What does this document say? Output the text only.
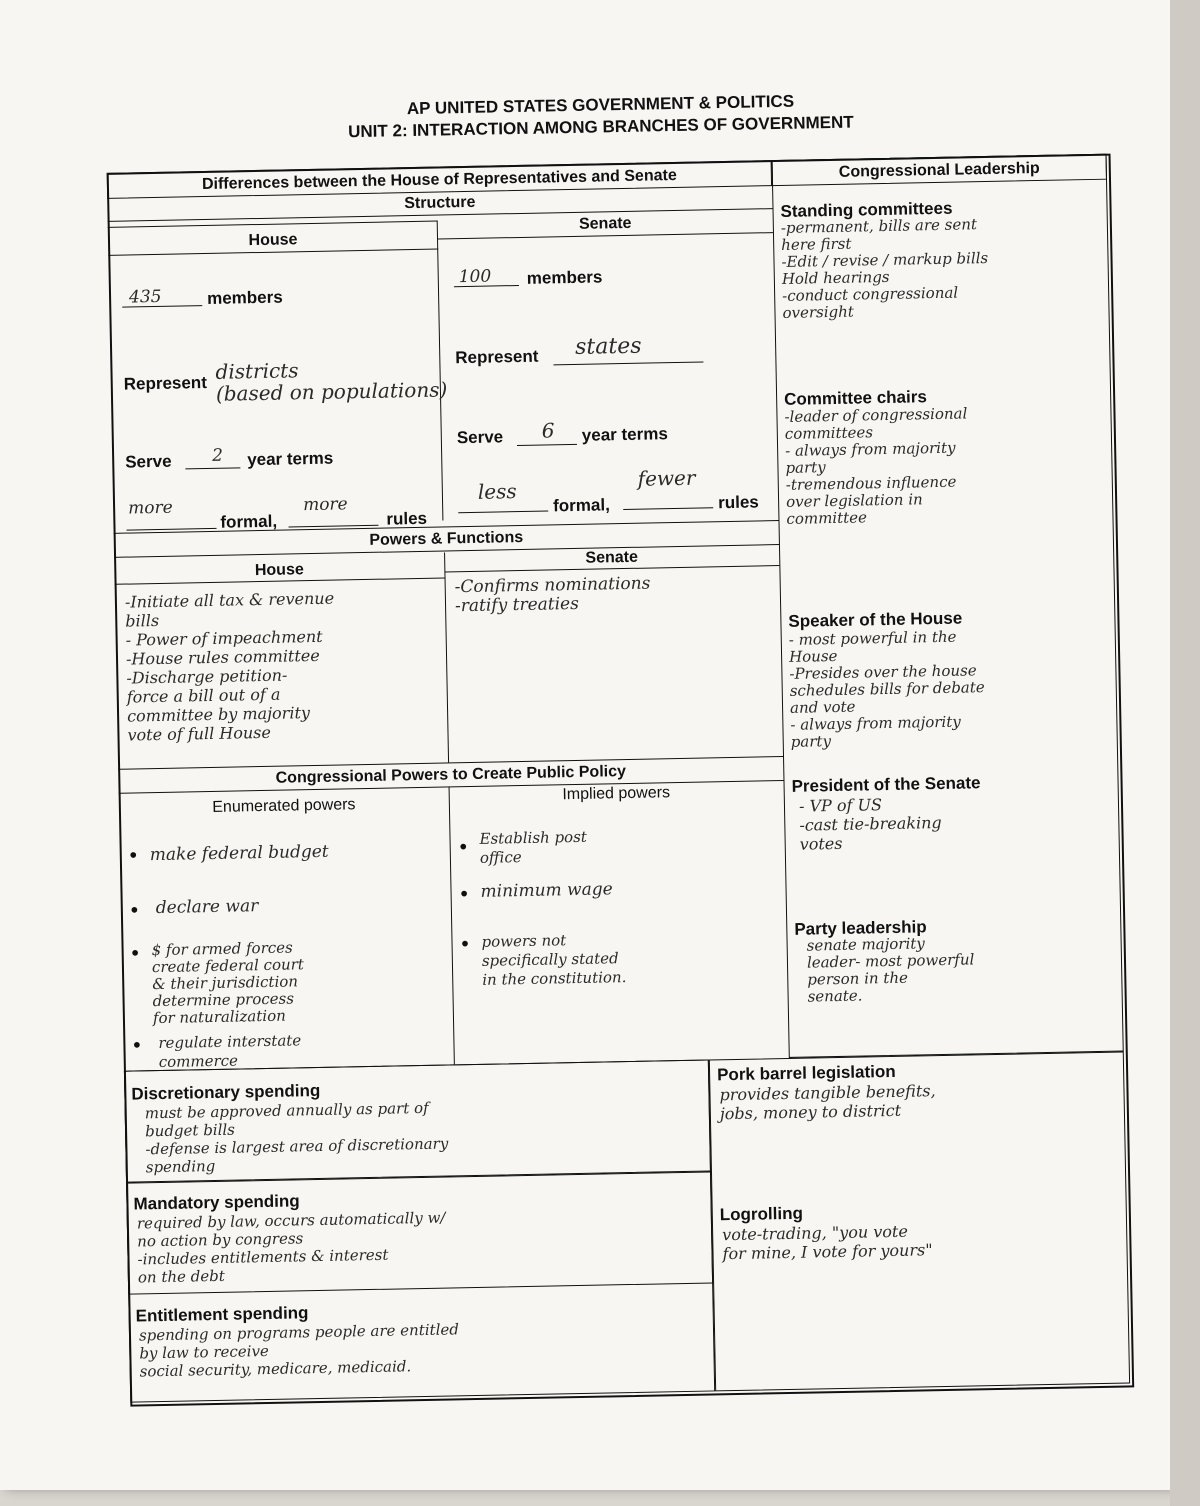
AP UNITED STATES GOVERNMENT & POLITICS
UNIT 2: INTERACTION AMONG BRANCHES OF GOVERNMENT
Differences between the House of Representatives and Senate
Structure
Congressional Leadership
House
Senate
435	members
Represent districts
(based on populations)
Serve 2 year terms
more
formal,
more
rules
100 members
Represent states
Serve 6 year terms
less
formal,
fewer
rules
Powers & Functions
House
Senate
-Initiate all tax & revenue
bills
- Power of impeachment
-House rules committee
-Discharge petition-
force a bill out of a
committee by majority
vote of full House
-Confirms nominations
-ratify treaties
Congressional Powers to Create Public Policy
Enumerated powers
Implied powers
• make federal budget
• declare war
• $ for armed forces
create federal court
& their jurisdiction
determine process
for naturalization
• regulate interstate
commerce
• Establish post
office
• minimum wage
• powers not
specifically stated
in the constitution.
Standing committees
-permanent, bills are sent
here first
-Edit / revise / markup bills
Hold hearings
-conduct congressional
oversight
Committee chairs
-leader of congressional
committees
- always from majority
party
-tremendous influence
over legislation in
committee
Speaker of the House
- most powerful in the
House
-Presides over the house
schedules bills for debate
and vote
- always from majority
party
President of the Senate
- VP of US
-cast tie-breaking
votes
Party leadership
senate majority
leader- most powerful
person in the
senate.
Discretionary spending
must be approved annually as part of
budget bills
-defense is largest area of discretionary
spending
Mandatory spending
required by law, occurs automatically w/
no action by congress
-includes entitlements & interest
on the debt
Entitlement spending
spending on programs people are entitled
by law to receive
social security, medicare, medicaid.
Pork barrel legislation
provides tangible benefits,
jobs, money to district
Logrolling
vote-trading, "you vote
for mine, I vote for yours"
